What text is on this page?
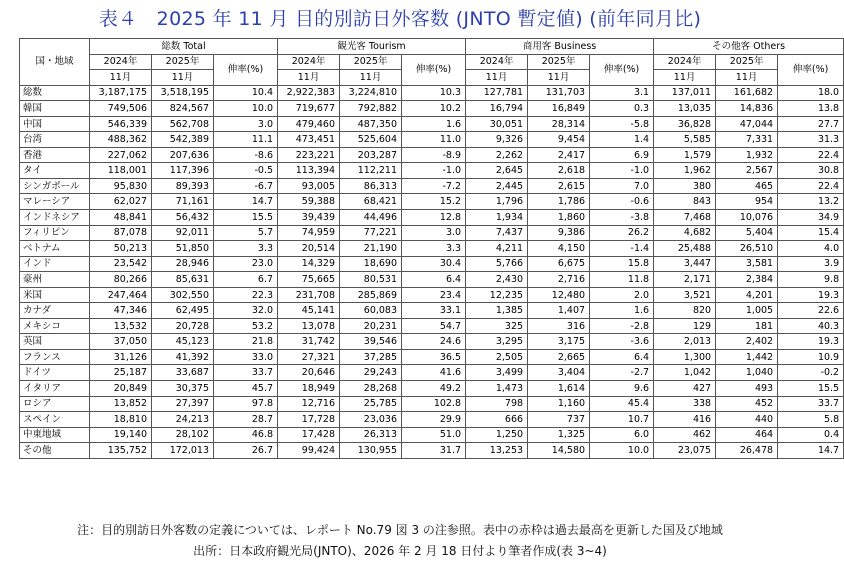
表４　2025 年 11 月 目的別訪日外客数 (JNTO 暫定値) (前年同月比)
国・地域	総数 Total			観光客 Tourism			商用客 Business			その他客 Others		
	2024年	2025年	伸率(%)	2024年	2025年	伸率(%)	2024年	2025年	伸率(%)	2024年	2025年	伸率(%)
	11月	11月		11月	11月		11月	11月		11月	11月	
総数	3,187,175	3,518,195	10.4	2,922,383	3,224,810	10.3	127,781	131,703	3.1	137,011	161,682	18.0
韓国	749,506	824,567	10.0	719,677	792,882	10.2	16,794	16,849	0.3	13,035	14,836	13.8
中国	546,339	562,708	3.0	479,460	487,350	1.6	30,051	28,314	-5.8	36,828	47,044	27.7
台湾	488,362	542,389	11.1	473,451	525,604	11.0	9,326	9,454	1.4	5,585	7,331	31.3
香港	227,062	207,636	-8.6	223,221	203,287	-8.9	2,262	2,417	6.9	1,579	1,932	22.4
タイ	118,001	117,396	-0.5	113,394	112,211	-1.0	2,645	2,618	-1.0	1,962	2,567	30.8
シンガポール	95,830	89,393	-6.7	93,005	86,313	-7.2	2,445	2,615	7.0	380	465	22.4
マレーシア	62,027	71,161	14.7	59,388	68,421	15.2	1,796	1,786	-0.6	843	954	13.2
インドネシア	48,841	56,432	15.5	39,439	44,496	12.8	1,934	1,860	-3.8	7,468	10,076	34.9
フィリピン	87,078	92,011	5.7	74,959	77,221	3.0	7,437	9,386	26.2	4,682	5,404	15.4
ベトナム	50,213	51,850	3.3	20,514	21,190	3.3	4,211	4,150	-1.4	25,488	26,510	4.0
インド	23,542	28,946	23.0	14,329	18,690	30.4	5,766	6,675	15.8	3,447	3,581	3.9
豪州	80,266	85,631	6.7	75,665	80,531	6.4	2,430	2,716	11.8	2,171	2,384	9.8
米国	247,464	302,550	22.3	231,708	285,869	23.4	12,235	12,480	2.0	3,521	4,201	19.3
カナダ	47,346	62,495	32.0	45,141	60,083	33.1	1,385	1,407	1.6	820	1,005	22.6
メキシコ	13,532	20,728	53.2	13,078	20,231	54.7	325	316	-2.8	129	181	40.3
英国	37,050	45,123	21.8	31,742	39,546	24.6	3,295	3,175	-3.6	2,013	2,402	19.3
フランス	31,126	41,392	33.0	27,321	37,285	36.5	2,505	2,665	6.4	1,300	1,442	10.9
ドイツ	25,187	33,687	33.7	20,646	29,243	41.6	3,499	3,404	-2.7	1,042	1,040	-0.2
イタリア	20,849	30,375	45.7	18,949	28,268	49.2	1,473	1,614	9.6	427	493	15.5
ロシア	13,852	27,397	97.8	12,716	25,785	102.8	798	1,160	45.4	338	452	33.7
スペイン	18,810	24,213	28.7	17,728	23,036	29.9	666	737	10.7	416	440	5.8
中東地域	19,140	28,102	46.8	17,428	26,313	51.0	1,250	1,325	6.0	462	464	0.4
その他	135,752	172,013	26.7	99,424	130,955	31.7	13,253	14,580	10.0	23,075	26,478	14.7
注：目的別訪日外客数の定義については、レポート No.79 図 3 の注参照。表中の赤枠は過去最高を更新した国及び地域
出所：日本政府観光局(JNTO)、2026 年 2 月 18 日付より筆者作成(表 3~4)
